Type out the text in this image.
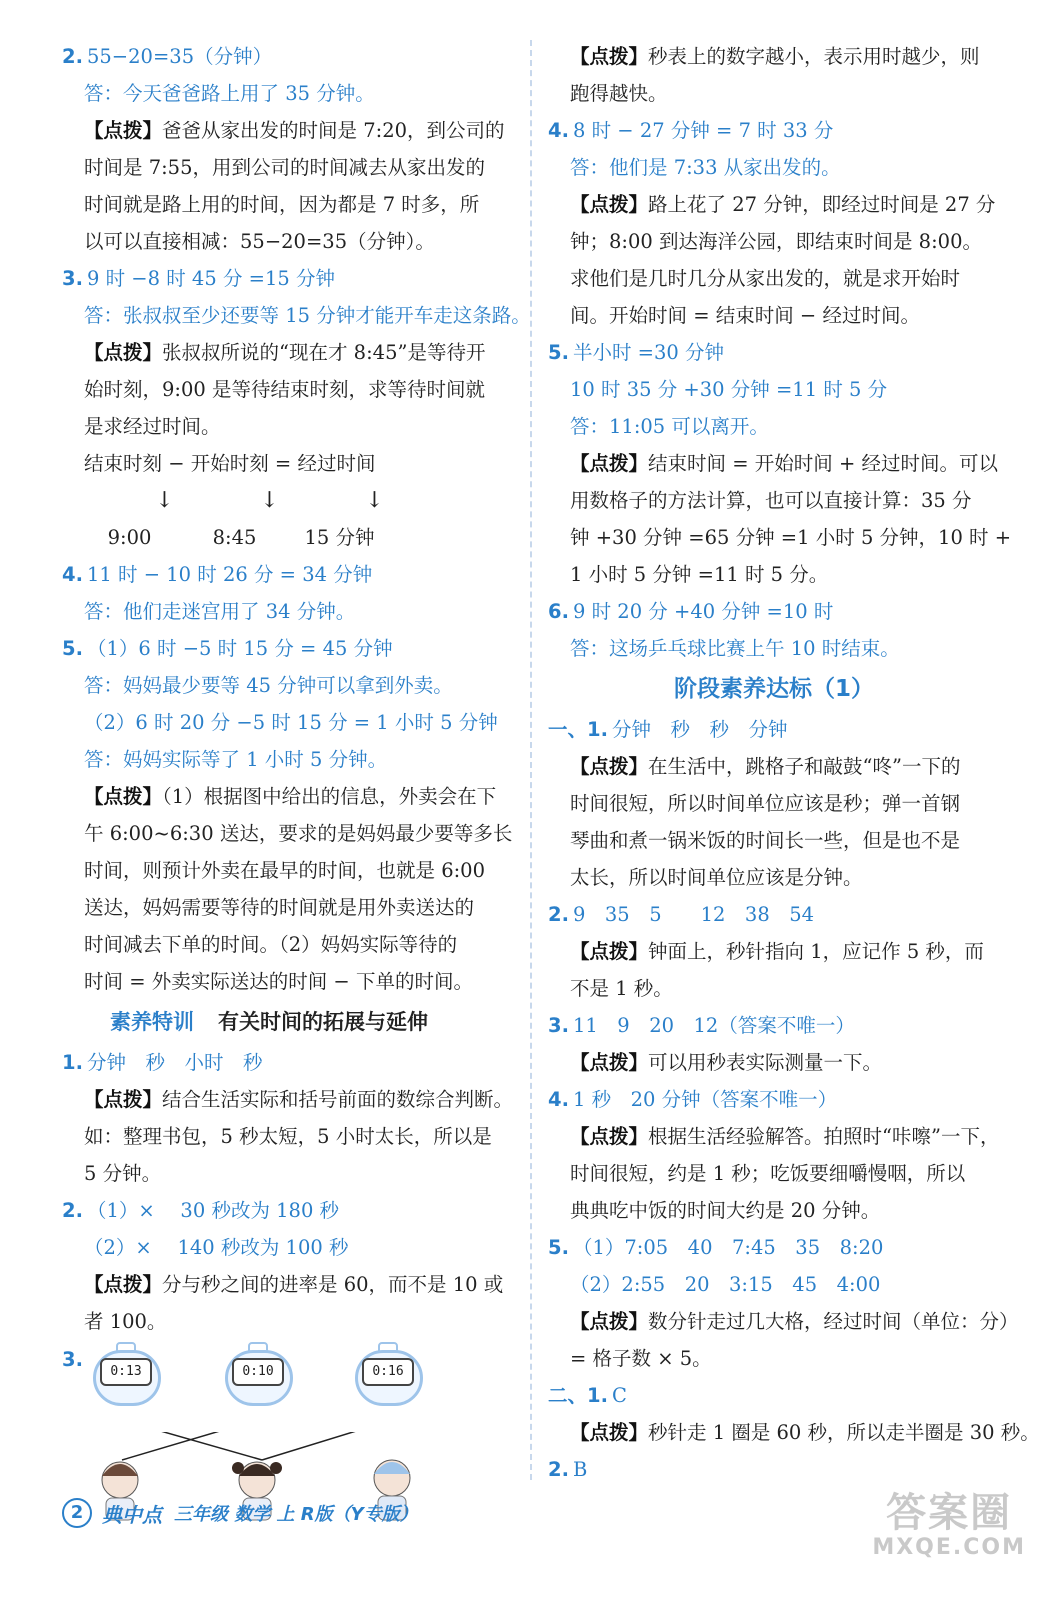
2. 55−20=35（分钟）
答：今天爸爸路上用了 35 分钟。
【点拨】爸爸从家出发的时间是 7:20，到公司的
时间是 7:55，用到公司的时间减去从家出发的
时间就是路上用的时间，因为都是 7 时多，所
以可以直接相减：55−20=35（分钟）。
3. 9 时 −8 时 45 分 =15 分钟
答：张叔叔至少还要等 15 分钟才能开车走这条路。
【点拨】张叔叔所说的“现在才 8:45”是等待开
始时刻，9:00 是等待结束时刻，求等待时间就
是求经过时间。
结束时刻 − 开始时刻 = 经过时间
↓	↓	↓
9:00	8:45	15 分钟
4. 11 时 − 10 时 26 分 = 34 分钟
答：他们走迷宫用了 34 分钟。
5. （1）6 时 −5 时 15 分 = 45 分钟
答：妈妈最少要等 45 分钟可以拿到外卖。
（2）6 时 20 分 −5 时 15 分 = 1 小时 5 分钟
答：妈妈实际等了 1 小时 5 分钟。
【点拨】（1）根据图中给出的信息，外卖会在下
午 6:00~6:30 送达，要求的是妈妈最少要等多长
时间，则预计外卖在最早的时间，也就是 6:00
送达，妈妈需要等待的时间就是用外卖送达的
时间减去下单的时间。（2）妈妈实际等待的
时间 = 外卖实际送达的时间 − 下单的时间。
素养特训 有关时间的拓展与延伸
1. 分钟　秒　小时　秒
【点拨】结合生活实际和括号前面的数综合判断。
如：整理书包，5 秒太短，5 小时太长，所以是
5 分钟。
2. （1）×　 30 秒改为 180 秒
（2）×　 140 秒改为 100 秒
【点拨】分与秒之间的进率是 60，而不是 10 或
者 100。
3.
0:13	0:10	0:16
【点拨】秒表上的数字越小，表示用时越少，则
跑得越快。
4. 8 时 − 27 分钟 = 7 时 33 分
答：他们是 7:33 从家出发的。
【点拨】路上花了 27 分钟，即经过时间是 27 分
钟；8:00 到达海洋公园，即结束时间是 8:00。
求他们是几时几分从家出发的，就是求开始时
间。开始时间 = 结束时间 − 经过时间。
5. 半小时 =30 分钟
10 时 35 分 +30 分钟 =11 时 5 分
答：11:05 可以离开。
【点拨】结束时间 = 开始时间 + 经过时间。可以
用数格子的方法计算，也可以直接计算：35 分
钟 +30 分钟 =65 分钟 =1 小时 5 分钟，10 时 +
1 小时 5 分钟 =11 时 5 分。
6. 9 时 20 分 +40 分钟 =10 时
答：这场乒乓球比赛上午 10 时结束。
阶段素养达标（1）
一、1. 分钟　秒　秒　分钟
【点拨】在生活中，跳格子和敲鼓“咚”一下的
时间很短，所以时间单位应该是秒；弹一首钢
琴曲和煮一锅米饭的时间长一些，但是也不是
太长，所以时间单位应该是分钟。
2. 9　35　5　　12　38　54
【点拨】钟面上，秒针指向 1，应记作 5 秒，而
不是 1 秒。
3. 11　9　20　12（答案不唯一）
【点拨】可以用秒表实际测量一下。
4. 1 秒　20 分钟（答案不唯一）
【点拨】根据生活经验解答。拍照时“咔嚓”一下，
时间很短，约是 1 秒；吃饭要细嚼慢咽，所以
典典吃中饭的时间大约是 20 分钟。
5. （1）7:05　40　7:45　35　8:20
（2）2:55　20　3:15　45　4:00
【点拨】数分针走过几大格，经过时间（单位：分）
= 格子数 × 5。
二、1. C
【点拨】秒针走 1 圈是 60 秒，所以走半圈是 30 秒。
2. B
2 典中点 三年级 数学 上 R版（Y专版）	答案圈
MXQE.COM
